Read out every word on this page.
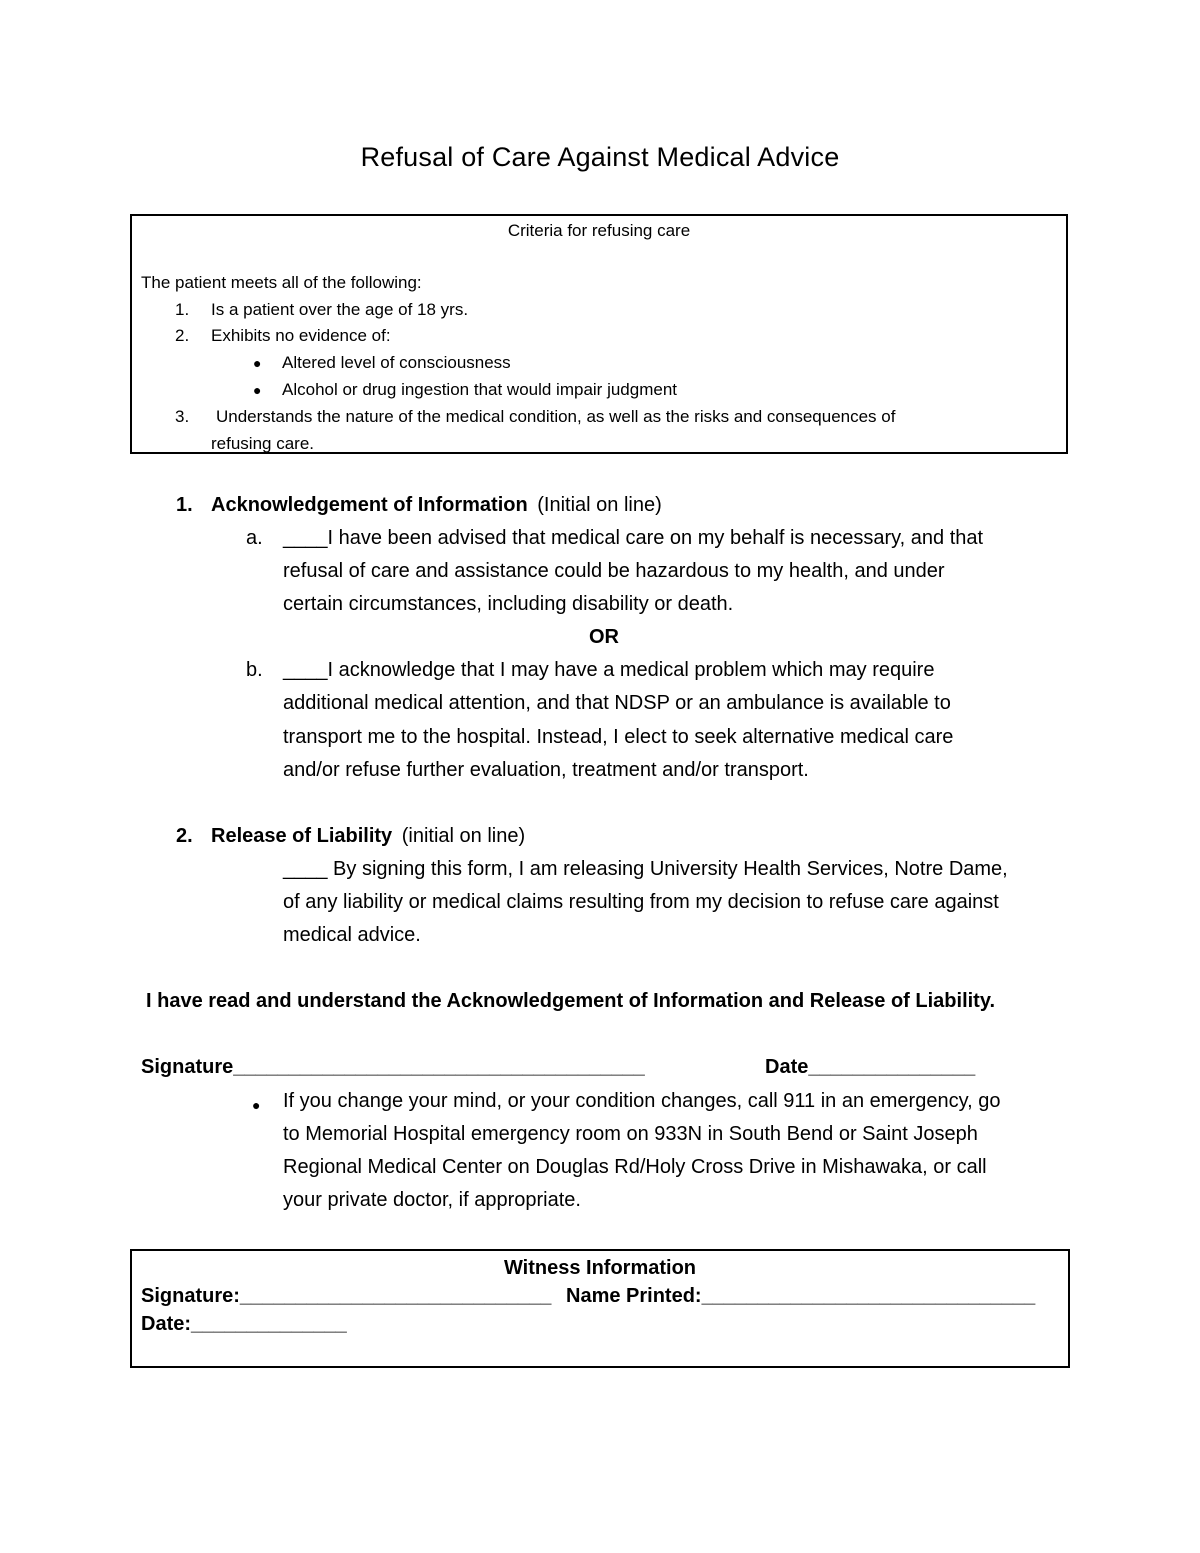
Refusal of Care Against Medical Advice
Criteria for refusing care
The patient meets all of the following:
1. Is a patient over the age of 18 yrs.
2. Exhibits no evidence of:
● Altered level of consciousness
● Alcohol or drug ingestion that would impair judgment
3. Understands the nature of the medical condition, as well as the risks and consequences of
refusing care.
1. Acknowledgement of Information (Initial on line)
a. ____I have been advised that medical care on my behalf is necessary, and that
refusal of care and assistance could be hazardous to my health, and under
certain circumstances, including disability or death.
OR
b. ____I acknowledge that I may have a medical problem which may require
additional medical attention, and that NDSP or an ambulance is available to
transport me to the hospital. Instead, I elect to seek alternative medical care
and/or refuse further evaluation, treatment and/or transport.
2. Release of Liability (initial on line)
____ By signing this form, I am releasing University Health Services, Notre Dame,
of any liability or medical claims resulting from my decision to refuse care against
medical advice.
I have read and understand the Acknowledgement of Information and Release of Liability.
Signature_____________________________________	Date_______________
● If you change your mind, or your condition changes, call 911 in an emergency, go
to Memorial Hospital emergency room on 933N in South Bend or Saint Joseph
Regional Medical Center on Douglas Rd/Holy Cross Drive in Mishawaka, or call
your private doctor, if appropriate.
Witness Information
Signature:____________________________ Name Printed:______________________________
Date:______________
